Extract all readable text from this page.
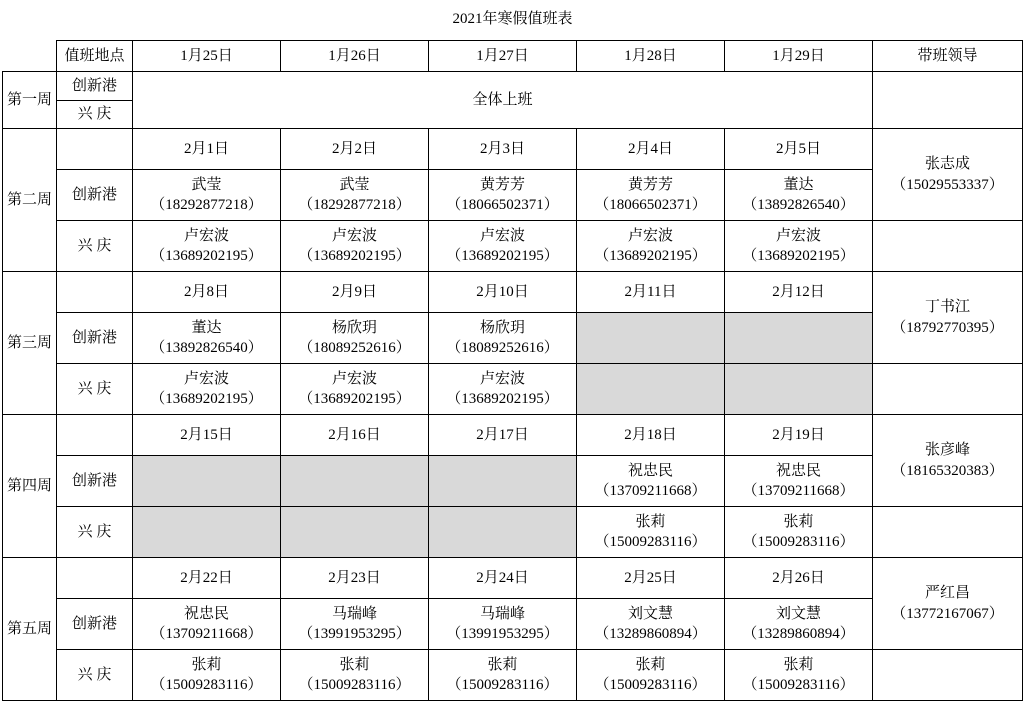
2021年寒假值班表							
	值班地点	1月25日	1月26日	1月27日	1月28日	1月29日	带班领导
第一周	创新港	全体上班					
	兴 庆						
第二周		2月1日	2月2日	2月3日	2月4日	2月5日	张志成
（15029553337）

	创新港	武莹
（18292877218）	武莹
（18292877218）	黄芳芳
（18066502371）	黄芳芳
（18066502371）	董达
（13892826540）	

	兴 庆	卢宏波
（13689202195）	卢宏波
（13689202195）	卢宏波
（13689202195）	卢宏波
（13689202195）	卢宏波
（13689202195）	

第三周		2月8日	2月9日	2月10日	2月11日	2月12日	丁书江
（18792770395）

	创新港	董达
（13892826540）	杨欣玥
（18089252616）	杨欣玥
（18089252616）			

	兴 庆	卢宏波
（13689202195）	卢宏波
（13689202195）	卢宏波
（13689202195）			

第四周		2月15日	2月16日	2月17日	2月18日	2月19日	张彦峰
（18165320383）

	创新港				祝忠民
（13709211668）	祝忠民
（13709211668）	

	兴 庆				张莉
（15009283116）	张莉
（15009283116）	

第五周		2月22日	2月23日	2月24日	2月25日	2月26日	严红昌
（13772167067）

	创新港	祝忠民
（13709211668）	马瑞峰
（13991953295）	马瑞峰
（13991953295）	刘文慧
（13289860894）	刘文慧
（13289860894）	

	兴 庆	张莉
（15009283116）	张莉
（15009283116）	张莉
（15009283116）	张莉
（15009283116）	张莉
（15009283116）	
